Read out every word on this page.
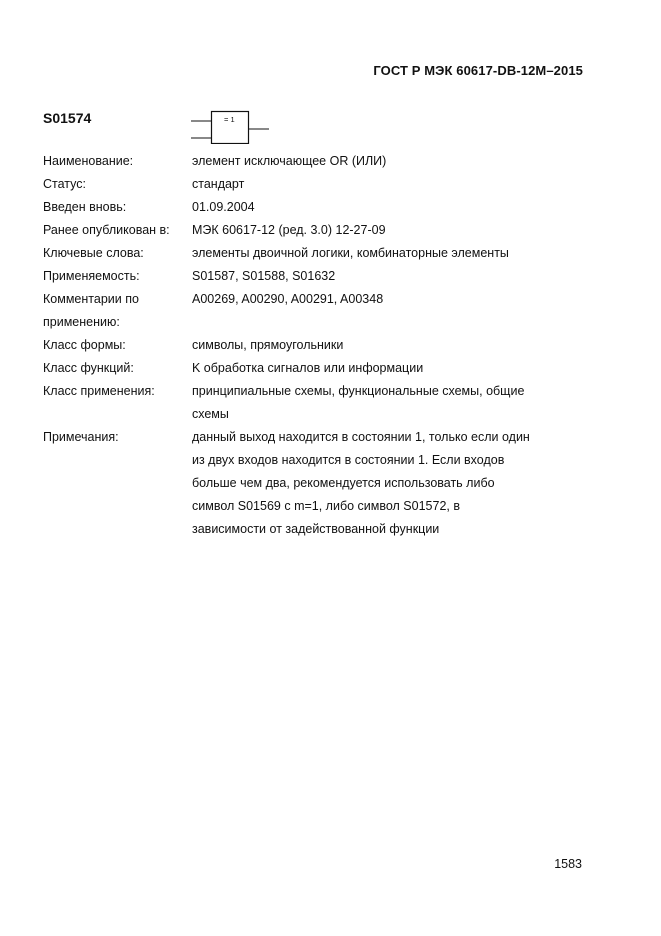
ГОСТ Р МЭК 60617-DB-12M–2015
S01574	= 1
Наименование:	элемент исключающее OR (ИЛИ)
Статус:	стандарт
Введен вновь:	01.09.2004
Ранее опубликован в:	МЭК 60617-12 (ред. 3.0) 12-27-09
Ключевые слова:	элементы двоичной логики, комбинаторные элементы
Применяемость:	S01587, S01588, S01632
Комментарии по применению:
A00269, A00290, A00291, A00348
Класс формы:	символы, прямоугольники
Класс функций:	K обработка сигналов или информации
Класс применения:	принципиальные схемы, функциональные схемы, общие схемы
Примечания:	данный выход находится в состоянии 1, только если один из двух входов находится в состоянии 1. Если входов больше чем два, рекомендуется использовать либо символ S01569 с m=1, либо символ S01572, в зависимости от задействованной функции
1583
